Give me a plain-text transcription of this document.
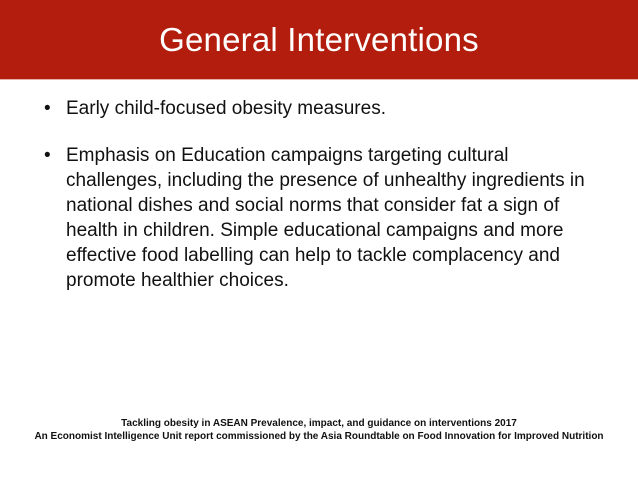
General Interventions
• Early child-focused obesity measures.
• Emphasis on Education campaigns targeting cultural challenges, including the presence of unhealthy ingredients in national dishes and social norms that consider fat a sign of health in children. Simple educational campaigns and more effective food labelling can help to tackle complacency and promote healthier choices.
Tackling obesity in ASEAN Prevalence, impact, and guidance on interventions 2017
An Economist Intelligence Unit report commissioned by the Asia Roundtable on Food Innovation for Improved Nutrition
